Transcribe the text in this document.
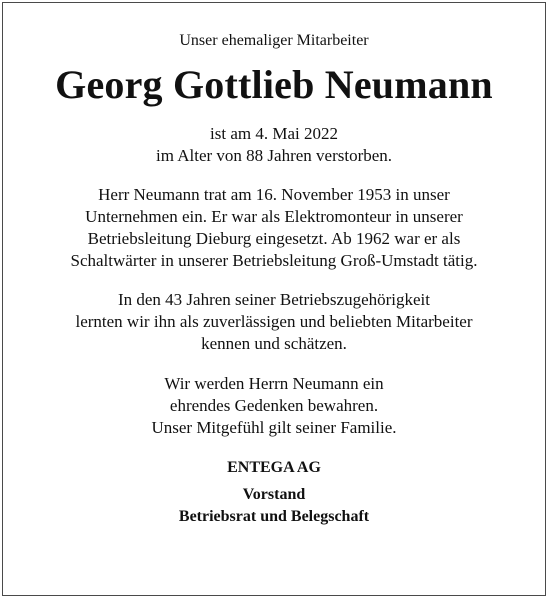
Unser ehemaliger Mitarbeiter
Georg Gottlieb Neumann
ist am 4. Mai 2022
im Alter von 88 Jahren verstorben.
Herr Neumann trat am 16. November 1953 in unser
Unternehmen ein. Er war als Elektromonteur in unserer
Betriebsleitung Dieburg eingesetzt. Ab 1962 war er als
Schaltwärter in unserer Betriebsleitung Groß-Umstadt tätig.
In den 43 Jahren seiner Betriebszugehörigkeit
lernten wir ihn als zuverlässigen und beliebten Mitarbeiter
kennen und schätzen.
Wir werden Herrn Neumann ein
ehrendes Gedenken bewahren.
Unser Mitgefühl gilt seiner Familie.
ENTEGA AG
Vorstand
Betriebsrat und Belegschaft
